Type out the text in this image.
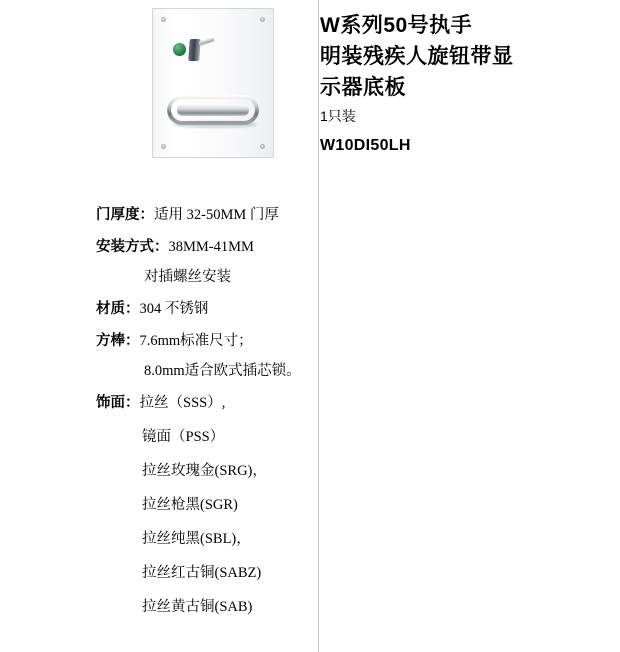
W系列50号执手
明装残疾人旋钮带显
示器底板
1只装
W10DI50LH
门厚度：适用 32-50MM 门厚
安装方式：38MM-41MM
对插螺丝安装
材质：304 不锈钢
方棒：7.6mm标准尺寸；
8.0mm适合欧式插芯锁。
饰面：拉丝（SSS）,
镜面（PSS）
拉丝玫瑰金(SRG)，
拉丝枪黑(SGR)
拉丝纯黑(SBL)，
拉丝红古铜(SABZ)
拉丝黄古铜(SAB)
